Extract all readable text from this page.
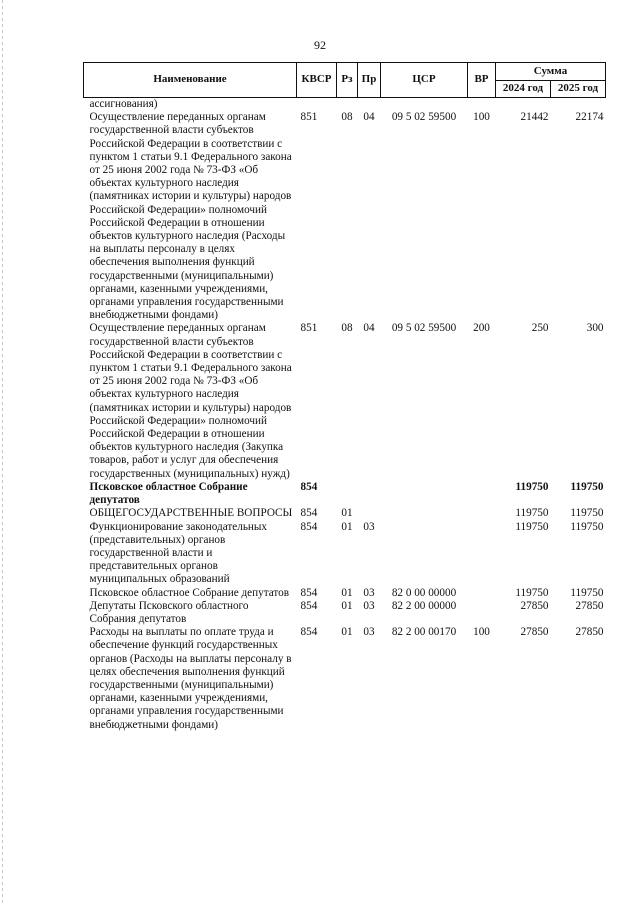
92
Наименование	КВСР	Рз	Пр	ЦСР	ВР	Сумма	
						2024 год	2025 год
ассигнования)							
Осуществление переданных органам государственной власти субъектов Российской Федерации в соответствии с пунктом 1 статьи 9.1 Федерального закона от 25 июня 2002 года № 73-ФЗ «Об объектах культурного наследия (памятниках истории и культуры) народов Российской Федерации» полномочий Российской Федерации в отношении объектов культурного наследия (Расходы на выплаты персоналу в целях обеспечения выполнения функций государственными (муниципальными) органами, казенными учреждениями, органами управления государственными внебюджетными фондами)	851	08	04	09 5 02 59500	100	21442	22174
Осуществление переданных органам государственной власти субъектов Российской Федерации в соответствии с пунктом 1 статьи 9.1 Федерального закона от 25 июня 2002 года № 73-ФЗ «Об объектах культурного наследия (памятниках истории и культуры) народов Российской Федерации» полномочий Российской Федерации в отношении объектов культурного наследия (Закупка товаров, работ и услуг для обеспечения государственных (муниципальных) нужд)	851	08	04	09 5 02 59500	200	250	300
Псковское областное Собрание депутатов	854					119750	119750
ОБЩЕГОСУДАРСТВЕННЫЕ ВОПРОСЫ	854	01				119750	119750
Функционирование законодательных (представительных) органов государственной власти и представительных органов муниципальных образований	854	01	03			119750	119750
Псковское областное Собрание депутатов	854	01	03	82 0 00 00000		119750	119750
Депутаты Псковского областного Собрания депутатов	854	01	03	82 2 00 00000		27850	27850
Расходы на выплаты по оплате труда и обеспечение функций государственных органов (Расходы на выплаты персоналу в целях обеспечения выполнения функций государственными (муниципальными) органами, казенными учреждениями, органами управления государственными внебюджетными фондами)	854	01	03	82 2 00 00170	100	27850	27850
